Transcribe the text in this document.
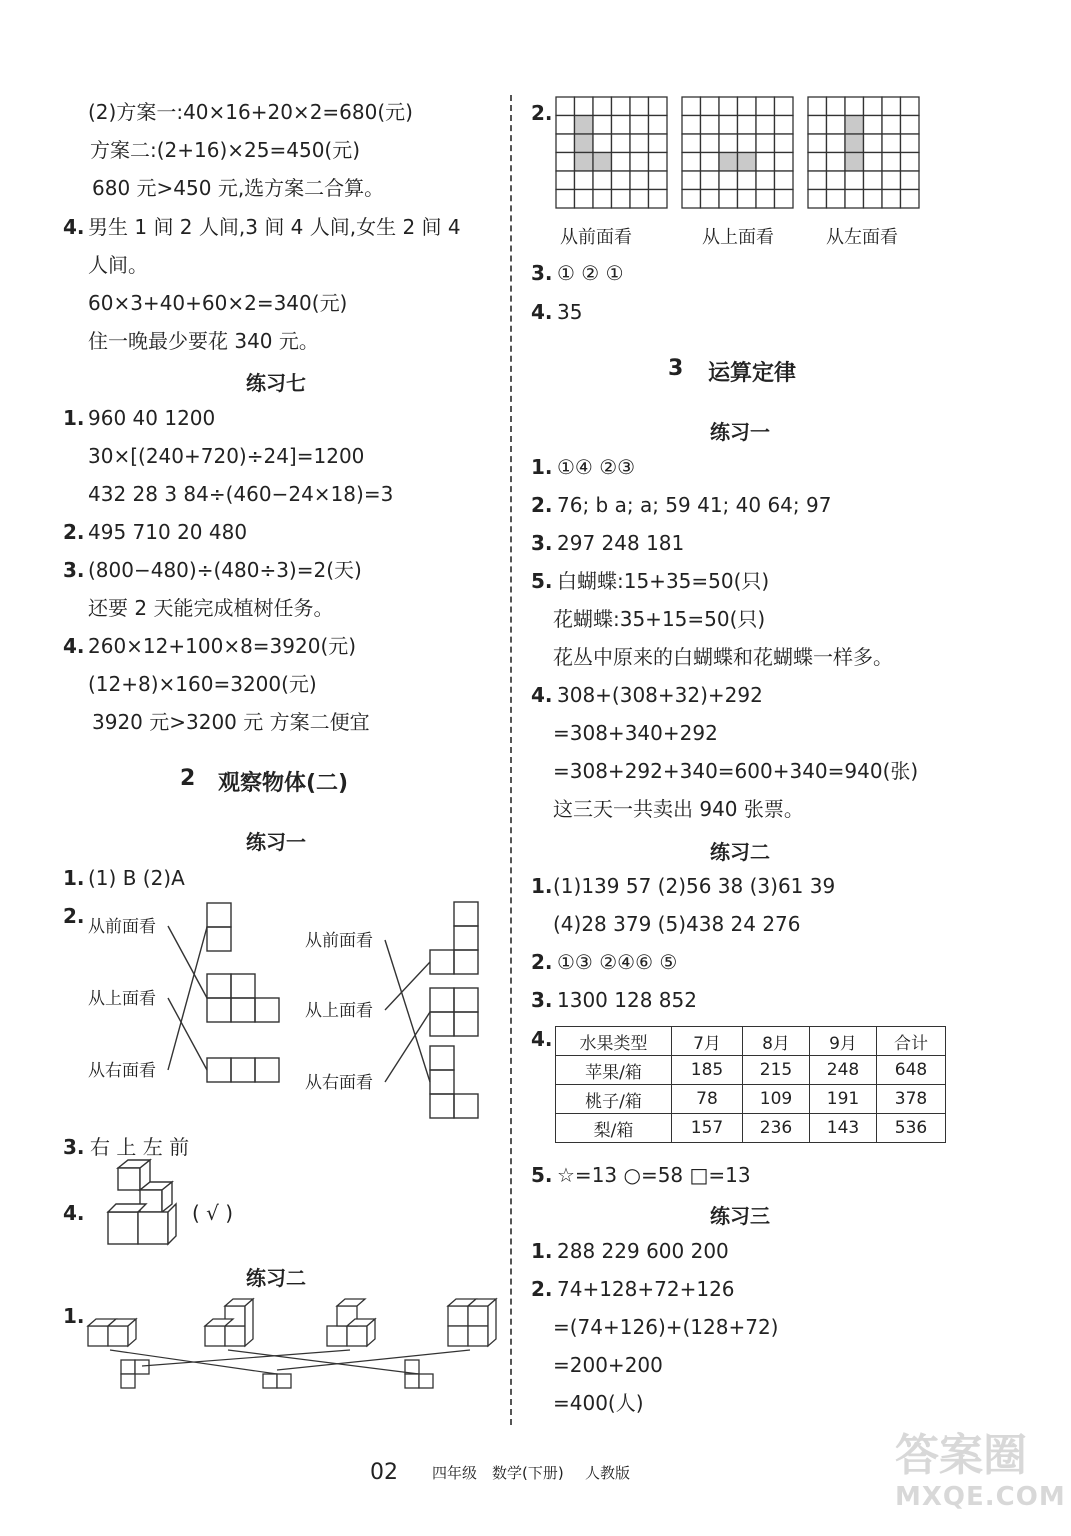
(2)方案一:40×16+20×2=680(元)
方案二:(2+16)×25=450(元)
680 元>450 元,选方案二合算。
4. 男生 1 间 2 人间,3 间 4 人间,女生 2 间 4
人间。
60×3+40+60×2=340(元)
住一晚最少要花 340 元。
练习七
1. 960 40 1200
30×[(240+720)÷24]=1200
432 28 3 84÷(460−24×18)=3
2. 495 710 20 480
3. (800−480)÷(480÷3)=2(天)
还要 2 天能完成植树任务。
4. 260×12+100×8=3920(元)
(12+8)×160=3200(元)
3920 元>3200 元 方案二便宜
2 观察物体(二)
练习一
1. (1) B (2)A
2. 从前面看
从上面看
从右面看
从前面看
从上面看
从右面看
3. 右 上 左 前
4.	( √ )
练习二
1.
2.
从前面看	从上面看	从左面看
3. ① ② ①
4. 35
3 运算定律
练习一
1. ①④ ②③
2. 76; b a; a; 59 41; 40 64; 97
3. 297 248 181
5. 白蝴蝶:15+35=50(只)
花蝴蝶:35+15=50(只)
花丛中原来的白蝴蝶和花蝴蝶一样多。
4. 308+(308+32)+292
=308+340+292
=308+292+340=600+340=940(张)
这三天一共卖出 940 张票。
练习二
1. (1)139 57 (2)56 38 (3)61 39
(4)28 379 (5)438 24 276
2. ①③ ②④⑥ ⑤
3. 1300 128 852
4. 水果类型	7月	8月	9月	合计
苹果/箱	185	215	248	648
桃子/箱	78	109	191	378
梨/箱	157	236	143	536
5. ☆=13 ○=58 □=13
练习三
1. 288 229 600 200
2. 74+128+72+126
=(74+126)+(128+72)
=200+200
=400(人)
02 四年级 数学(下册) 人教版	答案圈
MXQE.COM
